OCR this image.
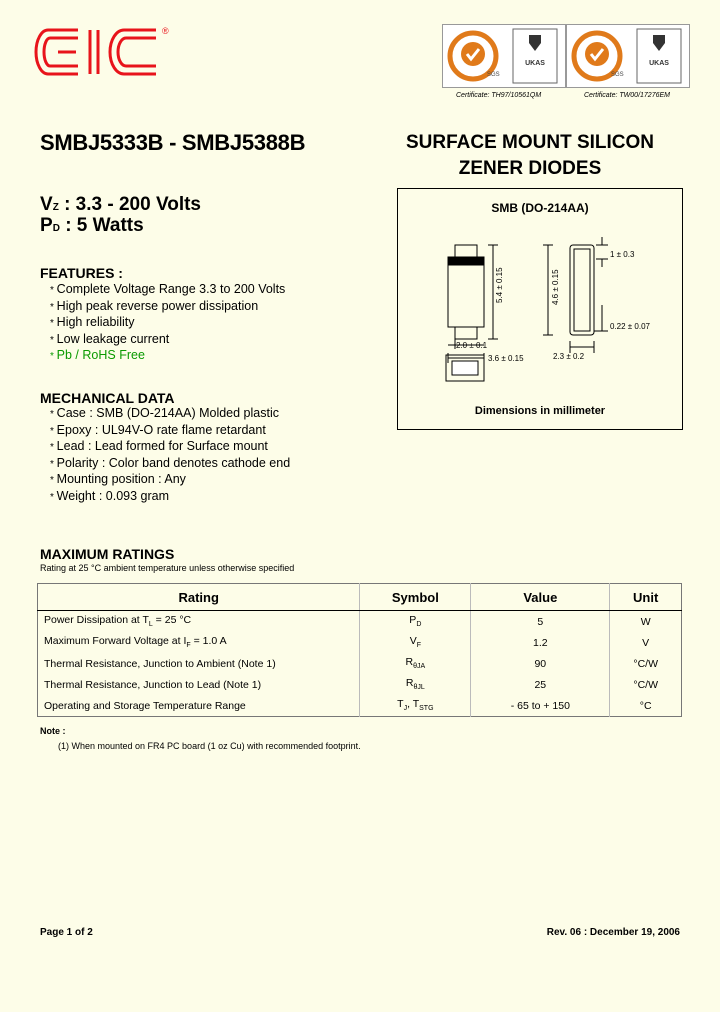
®
SGS
UKAS
Certificate: TH97/10561QM
SGS
UKAS
Certificate: TW00/17276EM
SMBJ5333B - SMBJ5388B	SURFACE MOUNT SILICON
ZENER DIODES
VZ : 3.3 - 200 Volts
PD : 5 Watts
FEATURES :
* Complete Voltage Range 3.3 to 200 Volts
* High peak reverse power dissipation
* High reliability
* Low leakage current
* Pb / RoHS Free
MECHANICAL DATA
* Case : SMB (DO-214AA) Molded plastic
* Epoxy : UL94V-O rate flame retardant
* Lead : Lead formed for Surface mount
* Polarity : Color band denotes cathode end
* Mounting position : Any
* Weight : 0.093 gram
SMB (DO-214AA)
5.4 ± 0.15
2.0 ± 0.1
3.6 ± 0.15
4.6 ± 0.15
2.3 ± 0.2
0.22 ± 0.07
1 ± 0.3
Dimensions in millimeter
MAXIMUM RATINGS
Rating at 25 °C ambient temperature unless otherwise specified
Rating	Symbol	Value	Unit
Power Dissipation at $T_L = 25$ °C	$P_D$	5	W
Maximum Forward Voltage at $I_F = 1.0$ A	$V_F$	1.2	V
Thermal Resistance, Junction to Ambient (Note 1)	$R_{\theta JA}$	90	°C/W
Thermal Resistance, Junction to Lead (Note 1)	$R_{\theta JL}$	25	°C/W
Operating and Storage Temperature Range	$T_J$, $T_{STG}$	- 65 to + 150	°C
Note :
(1) When mounted on FR4 PC board (1 oz Cu) with recommended footprint.
Page 1 of 2	Rev. 06 : December 19, 2006
